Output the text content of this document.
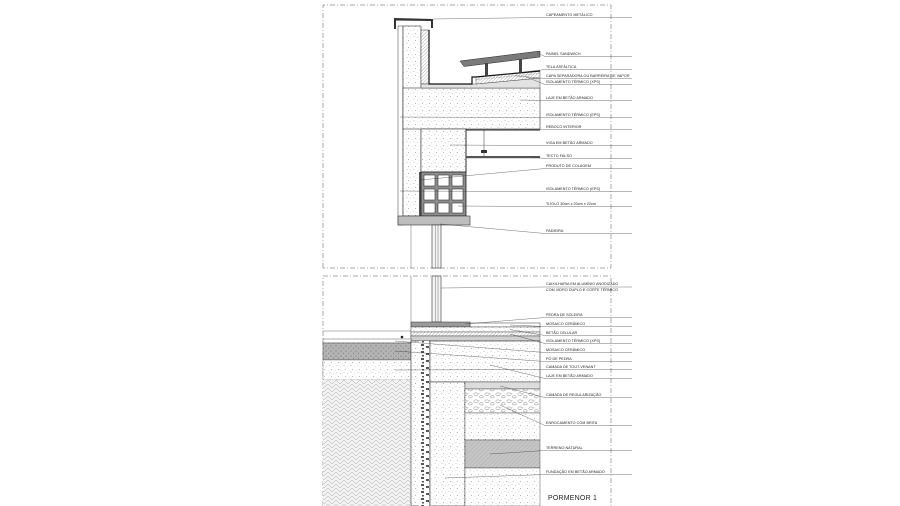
CAPEAMENTO METÁLICO
PAINEL SANDWICH
TELA ASFÁLTICA
CAPA SEPARADORA OU BARREIRA DE VAPOR
ISOLAMENTO TÉRMICO (XPS)
LAJE EM BETÃO ARMADO
ISOLAMENTO TÉRMICO (EPS)
REBOCO INTERIOR
VIGA EM BETÃO ARMADO
TECTO FALSO
PRODUTO DE COLAGEM
ISOLAMENTO TÉRMICO (EPS)
TIJOLO 30cm x 20cm x 22cm
PADIEIRA
CAIXILHARIA EM ALUMÍNIO ANODIZADO
COM VIDRO DUPLO E CORTE TÉRMICO
PEDRA DE SOLEIRA
MOSAICO CERÂMICO
BETÃO CELULAR
ISOLAMENTO TÉRMICO (XPS)
MOSAICO CERÂMICO
PÓ DE PEDRA
CAMADA DE TOUT-VENANT
LAJE EM BETÃO ARMADO
CAMADA DE REGULARIZAÇÃO
ENROCAMENTO COM BRITA
TERRENO NATURAL
FUNDAÇÃO EM BETÃO ARMADO
PORMENOR 1
